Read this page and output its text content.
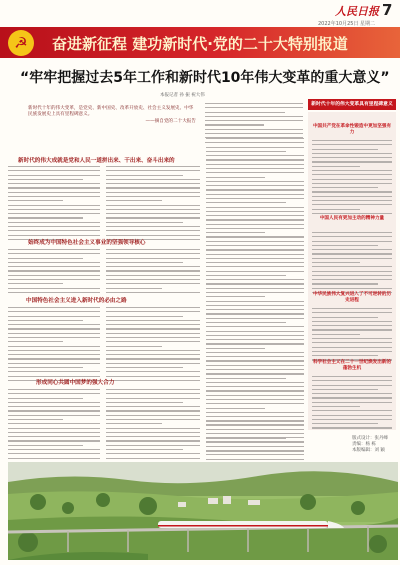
人民日报 7
2022年10月25日 星期二
☭	奋进新征程 建功新时代·党的二十大特别报道
“牢牢把握过去5年工作和新时代10年伟大变革的重大意义”
本报记者 孙 振 祝大伟
新时代十年的伟大变革，是党史、新中国史、改革开放史、社会主义发展史、中华民族发展史上具有里程碑意义。
——摘自党的二十大报告
新时代的伟大成就是党和人民一道拼出来、干出来、奋斗出来的
始终成为中国特色社会主义事业的坚强领导核心
中国特色社会主义进入新时代的必由之路
形成同心共圆中国梦的强大合力
新时代十年的伟大变革具有里程碑意义
中国共产党在革命性锻造中更加坚强有力
中国人民有更加主动的精神力量
中华民族伟大复兴进入了不可逆转的历史进程
科学社会主义在二十一世纪焕发出新的蓬勃生机
版式设计：张丹峰
责编：杨 栋
本版编辑：刘 颖
